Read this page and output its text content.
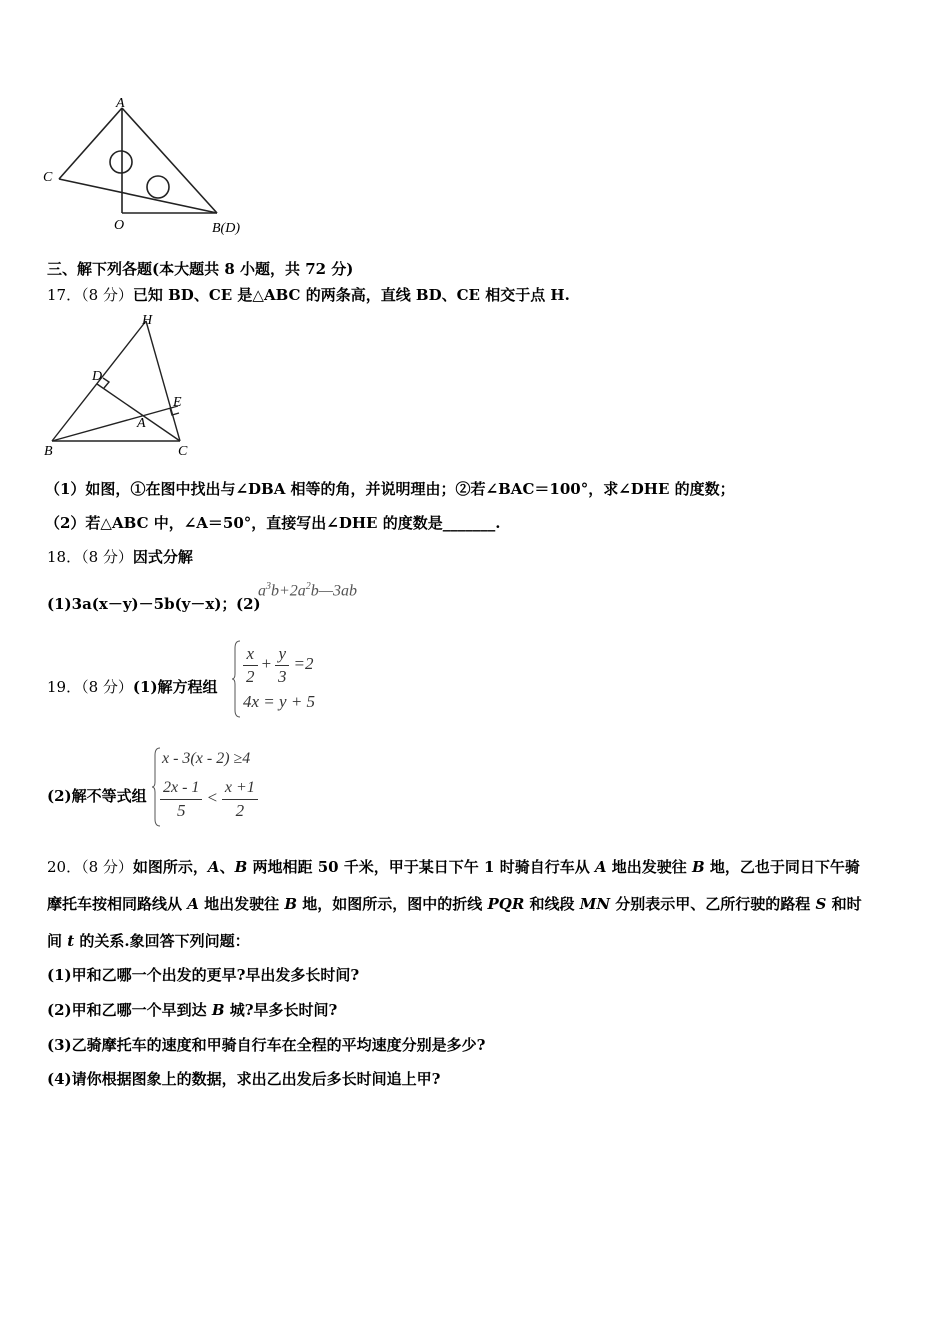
A
C
O	B(D)
三、解下列各题(本大题共 8 小题，共 72 分)
17．（8 分）已知 BD、CE 是△ABC 的两条高，直线 BD、CE 相交于点 H.
H
D
E
A
B	C
（1）如图，①在图中找出与∠DBA 相等的角，并说明理由；②若∠BAC＝100°，求∠DHE 的度数；
（2）若△ABC 中，∠A＝50°，直接写出∠DHE 的度数是_______.
18．（8 分）因式分解
(1)3a(x－y)－5b(y－x)； (2)
$a^3b+2a^2b—3ab$
19．（8 分）(1)解方程组 $\frac{x}{2} + \frac{y}{3} =2$
4x = y + 5
(2)解不等式组
x - 3(x - 2) ≥4
$\frac{2x - 1}{5} < \frac{x +1}{2}$
20．（8 分）如图所示，A、B 两地相距 50 千米，甲于某日下午 1 时骑自行车从 A 地出发驶往 B 地，乙也于同日下午骑
摩托车按相同路线从 A 地出发驶往 B 地，如图所示，图中的折线 PQR 和线段 MN 分别表示甲、乙所行驶的路程 S 和时
间 t 的关系.象回答下列问题：
(1)甲和乙哪一个出发的更早?早出发多长时间?
(2)甲和乙哪一个早到达 B 城?早多长时间?
(3)乙骑摩托车的速度和甲骑自行车在全程的平均速度分别是多少?
(4)请你根据图象上的数据，求出乙出发后多长时间追上甲?
